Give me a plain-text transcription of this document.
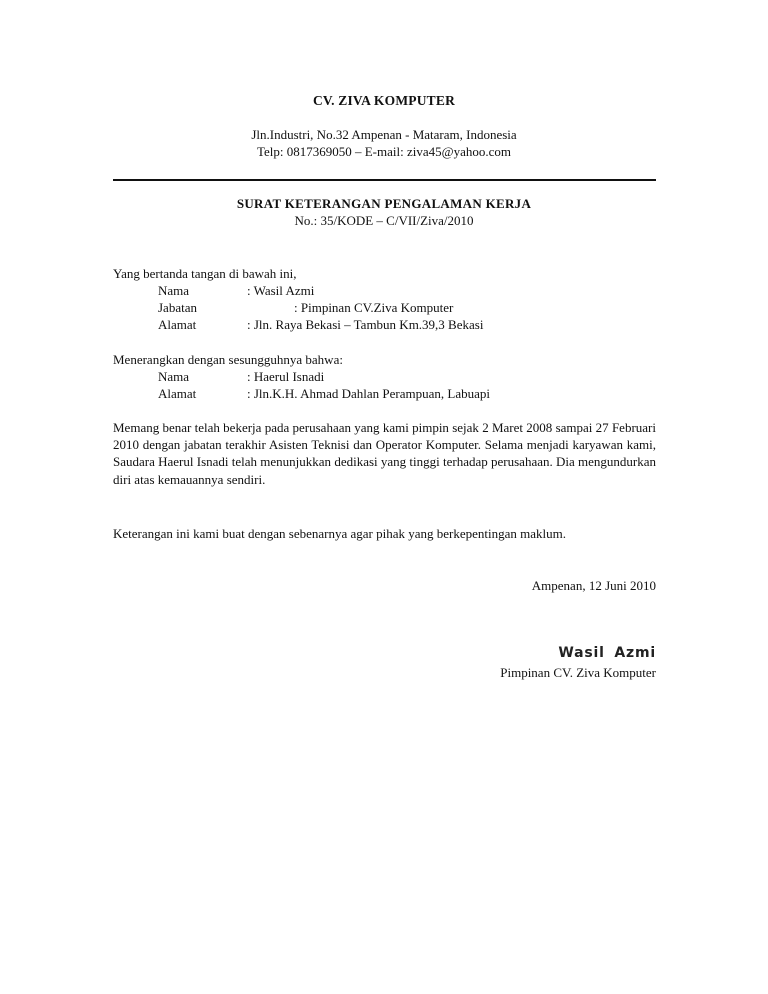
CV. ZIVA KOMPUTER
Jln.Industri, No.32 Ampenan - Mataram, Indonesia
Telp: 0817369050 – E-mail: ziva45@yahoo.com
SURAT KETERANGAN PENGALAMAN KERJA
No.: 35/KODE – C/VII/Ziva/2010
Yang bertanda tangan di bawah ini,
Nama	: Wasil Azmi
Jabatan	: Pimpinan CV.Ziva Komputer
Alamat	: Jln. Raya Bekasi – Tambun Km.39,3 Bekasi
Menerangkan dengan sesungguhnya bahwa:
Nama	: Haerul Isnadi
Alamat	: Jln.K.H. Ahmad Dahlan Perampuan, Labuapi
Memang benar telah bekerja pada perusahaan yang kami pimpin sejak 2 Maret 2008 sampai 27 Februari 2010 dengan jabatan terakhir Asisten Teknisi dan Operator Komputer. Selama menjadi karyawan kami, Saudara Haerul Isnadi telah menunjukkan dedikasi yang tinggi terhadap perusahaan. Dia mengundurkan diri atas kemauannya sendiri.
Keterangan ini kami buat dengan sebenarnya agar pihak yang berkepentingan maklum.
Ampenan, 12 Juni 2010
Wasil Azmi
Pimpinan CV. Ziva Komputer
